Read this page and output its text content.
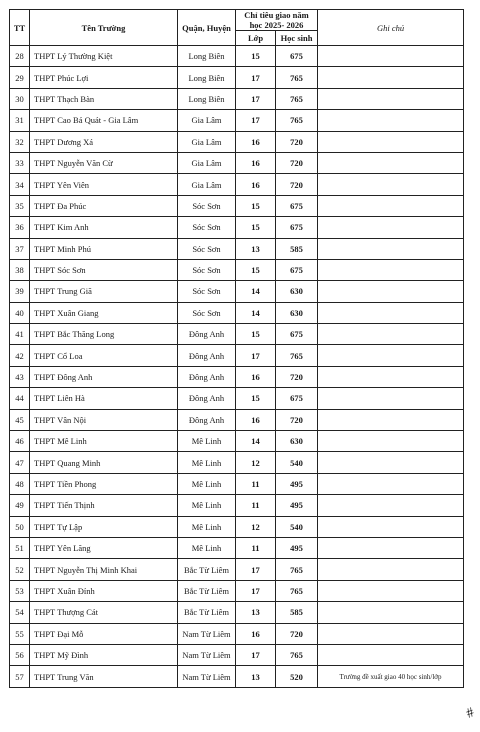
TT	Tên Trường	Quận, Huyện	Chỉ tiêu giao năm học 2025- 2026		Ghi chú
			Lớp	Học sinh	
28	THPT Lý Thường Kiệt	Long Biên	15	675	
29	THPT Phúc Lợi	Long Biên	17	765	
30	THPT Thạch Bàn	Long Biên	17	765	
31	THPT Cao Bá Quát - Gia Lâm	Gia Lâm	17	765	
32	THPT Dương Xá	Gia Lâm	16	720	
33	THPT Nguyễn Văn Cừ	Gia Lâm	16	720	
34	THPT Yên Viên	Gia Lâm	16	720	
35	THPT Đa Phúc	Sóc Sơn	15	675	
36	THPT Kim Anh	Sóc Sơn	15	675	
37	THPT Minh Phú	Sóc Sơn	13	585	
38	THPT Sóc Sơn	Sóc Sơn	15	675	
39	THPT Trung Giã	Sóc Sơn	14	630	
40	THPT Xuân Giang	Sóc Sơn	14	630	
41	THPT Bắc Thăng Long	Đông Anh	15	675	
42	THPT Cổ Loa	Đông Anh	17	765	
43	THPT Đông Anh	Đông Anh	16	720	
44	THPT Liên Hà	Đông Anh	15	675	
45	THPT Vân Nội	Đông Anh	16	720	
46	THPT Mê Linh	Mê Linh	14	630	
47	THPT Quang Minh	Mê Linh	12	540	
48	THPT Tiền Phong	Mê Linh	11	495	
49	THPT Tiến Thịnh	Mê Linh	11	495	
50	THPT Tự Lập	Mê Linh	12	540	
51	THPT Yên Lãng	Mê Linh	11	495	
52	THPT Nguyễn Thị Minh Khai	Bắc Từ Liêm	17	765	
53	THPT Xuân Đỉnh	Bắc Từ Liêm	17	765	
54	THPT Thượng Cát	Bắc Từ Liêm	13	585	
55	THPT Đại Mỗ	Nam Từ Liêm	16	720	
56	THPT Mỹ Đình	Nam Từ Liêm	17	765	
57	THPT Trung Văn	Nam Từ Liêm	13	520	Trường đề xuất giao 40 học sinh/lớp
#
